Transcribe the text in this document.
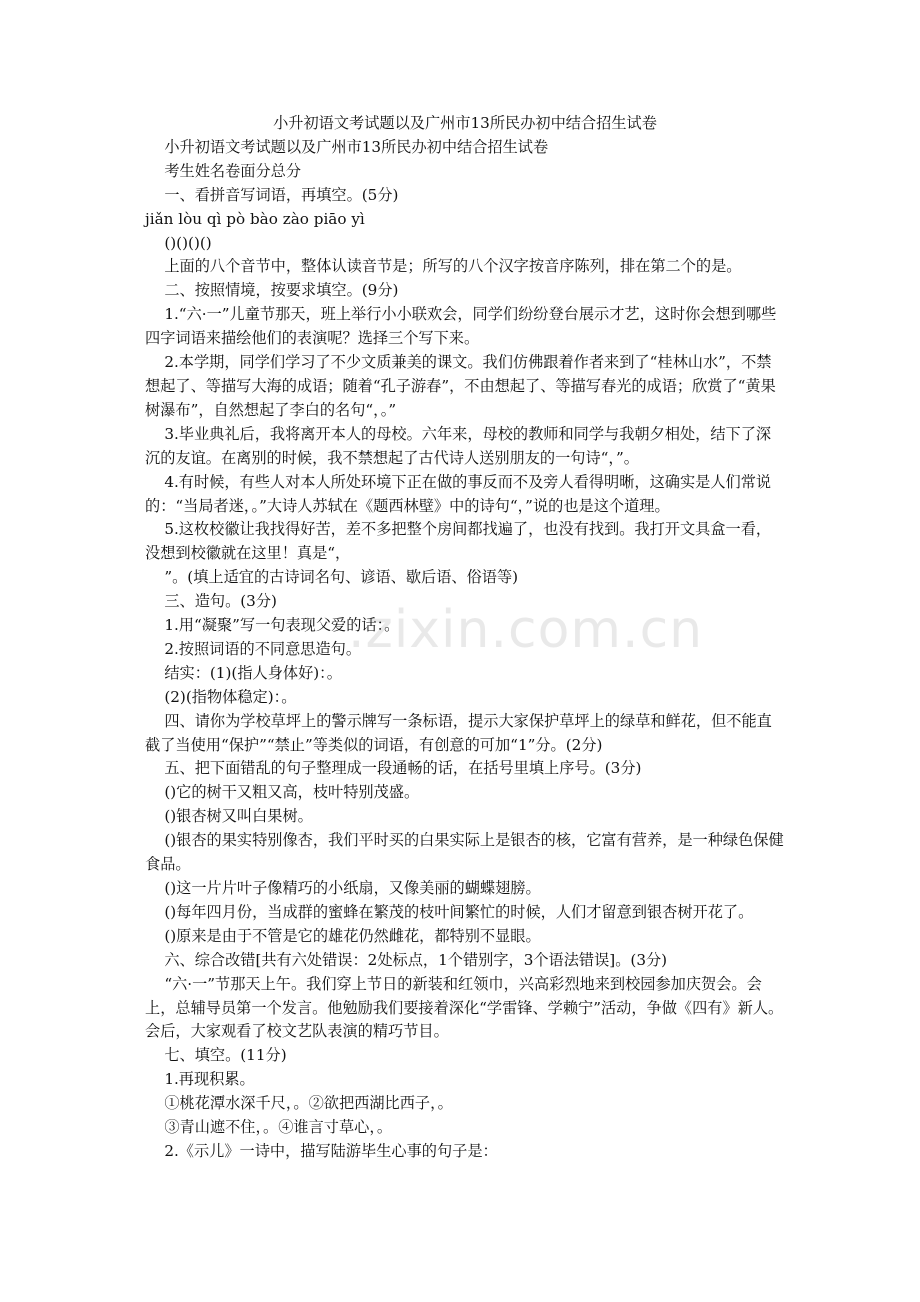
小升初语文考试题以及广州市13所民办初中结合招生试卷
小升初语文考试题以及广州市13所民办初中结合招生试卷
考生姓名卷面分总分
一、看拼音写词语，再填空。(5分)
jiǎn lòu qì pò bào zào piāo yì
()()()()
上面的八个音节中，整体认读音节是；所写的八个汉字按音序陈列，排在第二个的是。
二、按照情境，按要求填空。(9分)
1.“六·一”儿童节那天，班上举行小小联欢会，同学们纷纷登台展示才艺，这时你会想到哪些四字词语来描绘他们的表演呢？选择三个写下来。
2.本学期，同学们学习了不少文质兼美的课文。我们仿佛跟着作者来到了“桂林山水”，不禁想起了、等描写大海的成语；随着“孔子游春”，不由想起了、等描写春光的成语；欣赏了“黄果树瀑布”，自然想起了李白的名句“，。”
3.毕业典礼后，我将离开本人的母校。六年来，母校的教师和同学与我朝夕相处，结下了深沉的友谊。在离别的时候，我不禁想起了古代诗人送别朋友的一句诗“，”。
4.有时候，有些人对本人所处环境下正在做的事反而不及旁人看得明晰，这确实是人们常说的：“当局者迷，。”大诗人苏轼在《题西林壁》中的诗句“，”说的也是这个道理。
5.这枚校徽让我找得好苦，差不多把整个房间都找遍了，也没有找到。我打开文具盒一看，没想到校徽就在这里！真是“，
”。(填上适宜的古诗词名句、谚语、歇后语、俗语等)
三、造句。(3分)
1.用“凝聚”写一句表现父爱的话：。
2.按照词语的不同意思造句。
结实：(1)(指人身体好)：。
(2)(指物体稳定)：。
四、请你为学校草坪上的警示牌写一条标语，提示大家保护草坪上的绿草和鲜花，但不能直截了当使用“保护”“禁止”等类似的词语，有创意的可加“1”分。(2分)
五、把下面错乱的句子整理成一段通畅的话，在括号里填上序号。(3分)
()它的树干又粗又高，枝叶特别茂盛。
()银杏树又叫白果树。
()银杏的果实特别像杏，我们平时买的白果实际上是银杏的核，它富有营养，是一种绿色保健食品。
()这一片片叶子像精巧的小纸扇，又像美丽的蝴蝶翅膀。
()每年四月份，当成群的蜜蜂在繁茂的枝叶间繁忙的时候，人们才留意到银杏树开花了。
()原来是由于不管是它的雄花仍然雌花，都特别不显眼。
六、综合改错[共有六处错误：2处标点，1个错别字，3个语法错误]。(3分)
“六·一”节那天上午。我们穿上节日的新装和红领巾，兴高彩烈地来到校园参加庆贺会。会上，总辅导员第一个发言。他勉励我们要接着深化“学雷锋、学赖宁”活动，争做《四有》新人。会后，大家观看了校文艺队表演的精巧节目。
七、填空。(11分)
1.再现积累。
①桃花潭水深千尺，。②欲把西湖比西子，。
③青山遮不住，。④谁言寸草心，。
2.《示儿》一诗中，描写陆游毕生心事的句子是：
.zixin.com.cn
